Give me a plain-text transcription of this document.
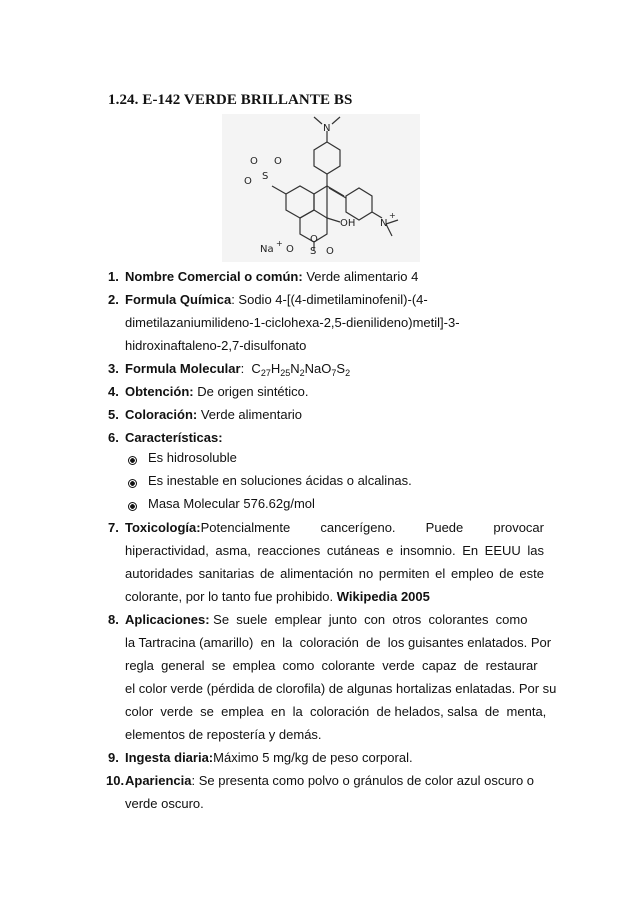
1.24. E-142 VERDE BRILLANTE BS
N
O
S
O
O
OH N
+
Na
+
O S O
O
1. Nombre Comercial o común: Verde alimentario 4
2. Formula Química: Sodio 4-[(4-dimetilaminofenil)-(4-
dimetilazaniumilideno-1-ciclohexa-2,5-dienilideno)metil]-3-
hidroxinaftaleno-2,7-disulfonato
3. Formula Molecular:  $C_{27}H_{25}N_2NaO_7S_2$
4. Obtención: De origen sintético.
5. Coloración: Verde alimentario
6. Características:
Es hidrosoluble
Es inestable en soluciones ácidas o alcalinas.
Masa Molecular 576.62g/mol
7. Toxicología:Potencialmente   cancerígeno.   Puede   provocar
hiperactividad, asma, reacciones cutáneas e insomnio. En EEUU las
autoridades sanitarias de alimentación no permiten el empleo de este
colorante, por lo tanto fue prohibido. Wikipedia 2005
8. Aplicaciones: Se  suele  emplear  junto  con  otros  colorantes  como
la Tartracina (amarillo)  en  la  coloración  de  los guisantes enlatados. Por
regla  general  se  emplea  como  colorante  verde  capaz  de  restaurar
el color verde (pérdida de clorofila) de algunas hortalizas enlatadas. Por su
color  verde  se  emplea  en  la  coloración  de helados, salsa  de  menta,
elementos de repostería y demás.
9. Ingesta diaria:Máximo 5 mg/kg de peso corporal.
10. Apariencia: Se presenta como polvo o gránulos de color azul oscuro o
verde oscuro.
